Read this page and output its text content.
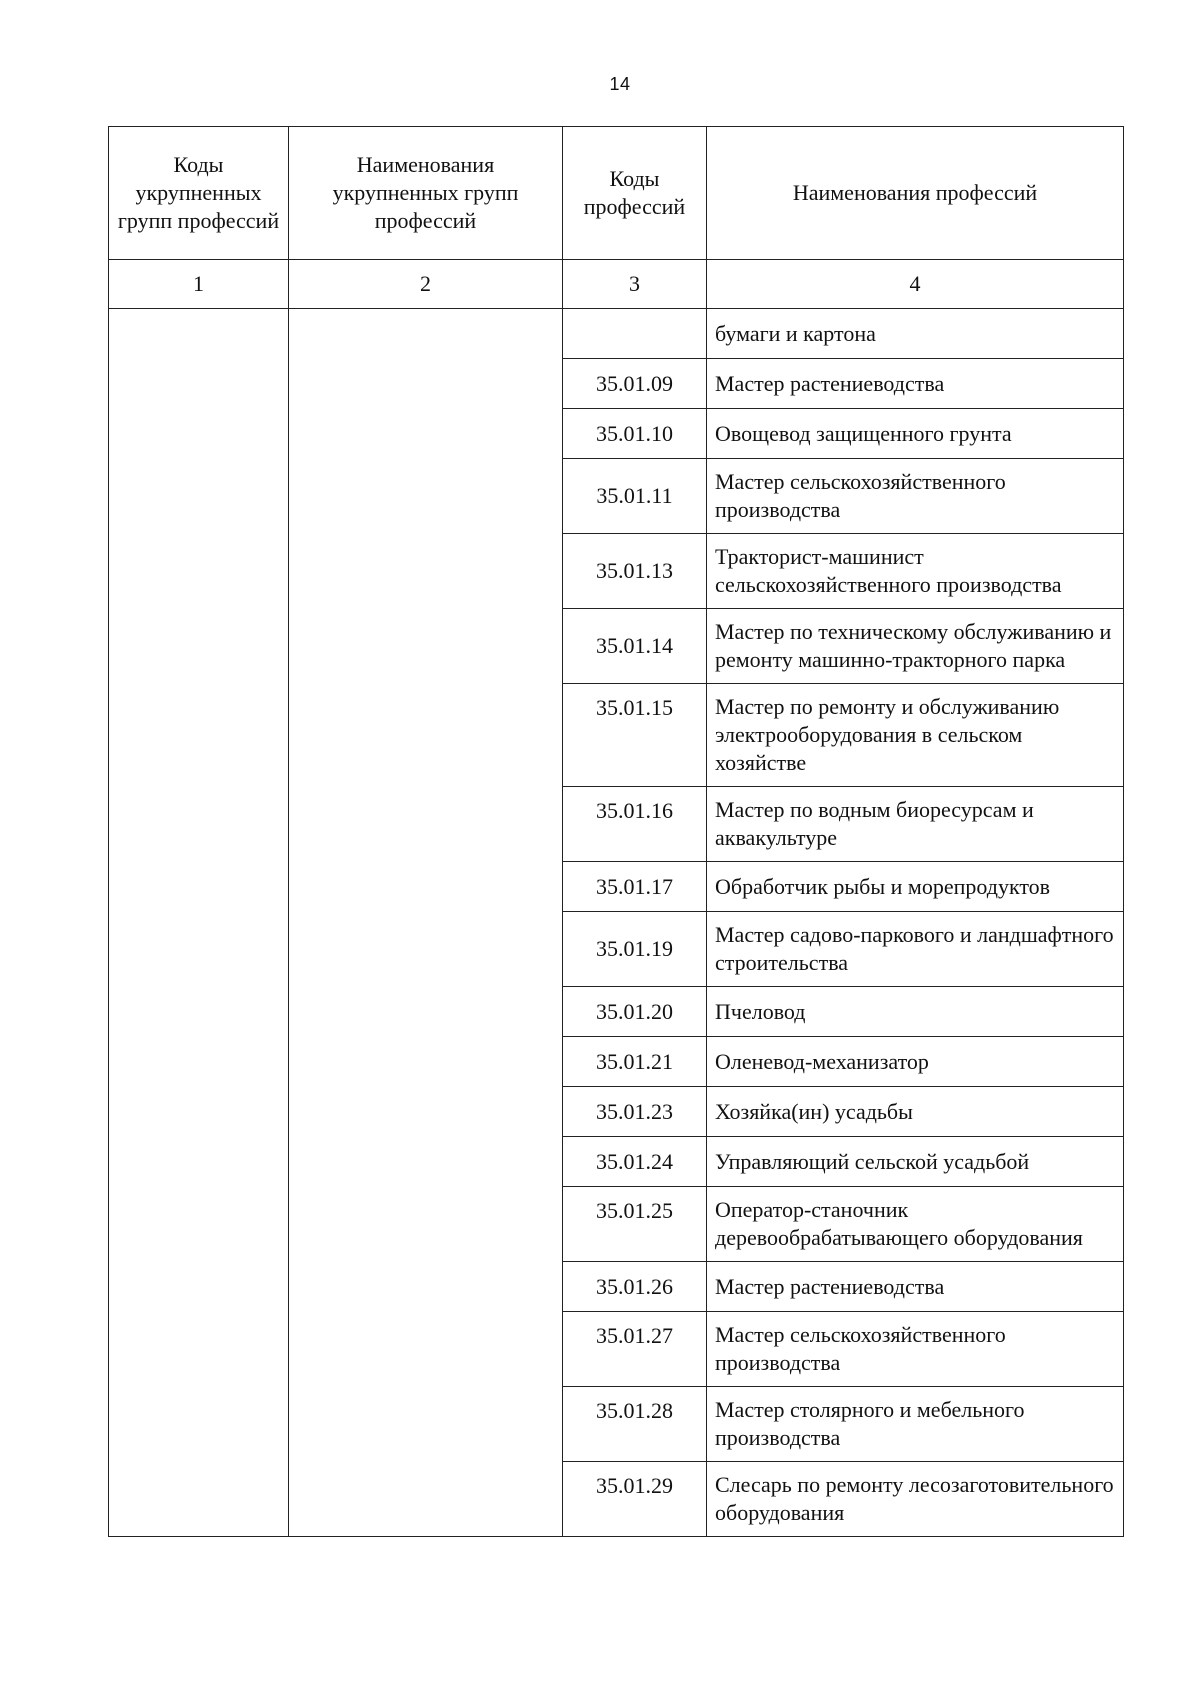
14
Коды укрупненных групп профессий	Наименования укрупненных групп профессий	Коды профессий	Наименования профессий
1	2	3	4
			бумаги и картона
		35.01.09	Мастер растениеводства
		35.01.10	Овощевод защищенного грунта
		35.01.11	Мастер сельскохозяйственного производства
		35.01.13	Тракторист-машинист сельскохозяйственного производства
		35.01.14	Мастер по техническому обслуживанию и ремонту машинно-тракторного парка
		35.01.15	Мастер по ремонту и обслуживанию электрооборудования в сельском хозяйстве
		35.01.16	Мастер по водным биоресурсам и аквакультуре
		35.01.17	Обработчик рыбы и морепродуктов
		35.01.19	Мастер садово-паркового и ландшафтного строительства
		35.01.20	Пчеловод
		35.01.21	Оленевод-механизатор
		35.01.23	Хозяйка(ин) усадьбы
		35.01.24	Управляющий сельской усадьбой
		35.01.25	Оператор-станочник деревообрабатывающего оборудования
		35.01.26	Мастер растениеводства
		35.01.27	Мастер сельскохозяйственного производства
		35.01.28	Мастер столярного и мебельного производства
		35.01.29	Слесарь по ремонту лесозаготовительного оборудования
